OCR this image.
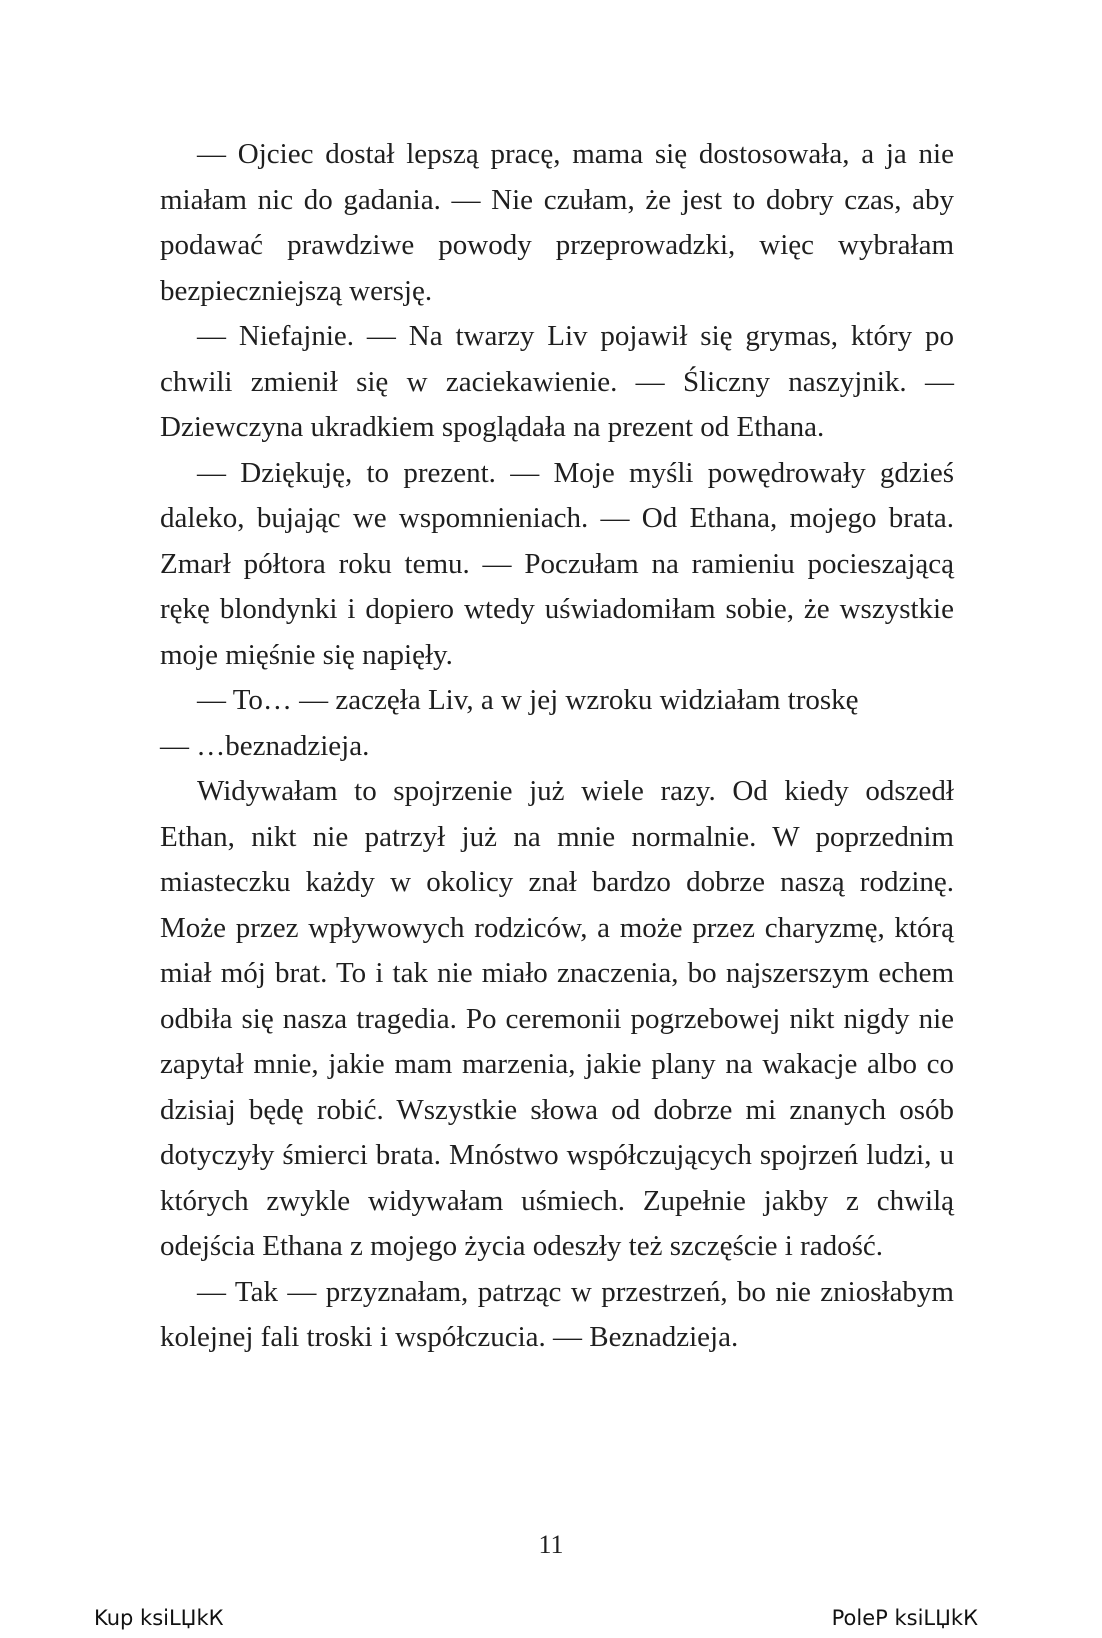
— Ojciec dostał lepszą pracę, mama się dostosowała, a ja nie miałam nic do gadania. — Nie czułam, że jest to dobry czas, aby podawać prawdziwe powody przeprowadzki, więc wybrałam bezpieczniejszą wersję.

— Niefajnie. — Na twarzy Liv pojawił się grymas, który po chwili zmienił się w zaciekawienie. — Śliczny naszyjnik. — Dziewczyna ukradkiem spoglądała na prezent od Ethana.

— Dziękuję, to prezent. — Moje myśli powędrowały gdzieś daleko, bujając we wspomnieniach. — Od Ethana, mojego brata. Zmarł półtora roku temu. — Poczułam na ramieniu pocieszającą rękę blondynki i dopiero wtedy uświadomiłam sobie, że wszystkie moje mięśnie się napięły.

— To… — zaczęła Liv, a w jej wzroku widziałam troskę

— …beznadzieja.

Widywałam to spojrzenie już wiele razy. Od kiedy odszedł Ethan, nikt nie patrzył już na mnie normalnie. W poprzednim miasteczku każdy w okolicy znał bardzo dobrze naszą rodzinę. Może przez wpływowych rodziców, a może przez charyzmę, którą miał mój brat. To i tak nie miało znaczenia, bo najszerszym echem odbiła się nasza tragedia. Po ceremonii pogrzebowej nikt nigdy nie zapytał mnie, jakie mam marzenia, jakie plany na wakacje albo co dzisiaj będę robić. Wszystkie słowa od dobrze mi znanych osób dotyczyły śmierci brata. Mnóstwo współczujących spojrzeń ludzi, u których zwykle widywałam uśmiech. Zupełnie jakby z chwilą odejścia Ethana z mojego życia odeszły też szczęście i radość.

— Tak — przyznałam, patrząc w przestrzeń, bo nie zniosłabym kolejnej fali troski i współczucia. — Beznadzieja.

11
Kup ksiLЏkК	PoleP ksiLЏkК
